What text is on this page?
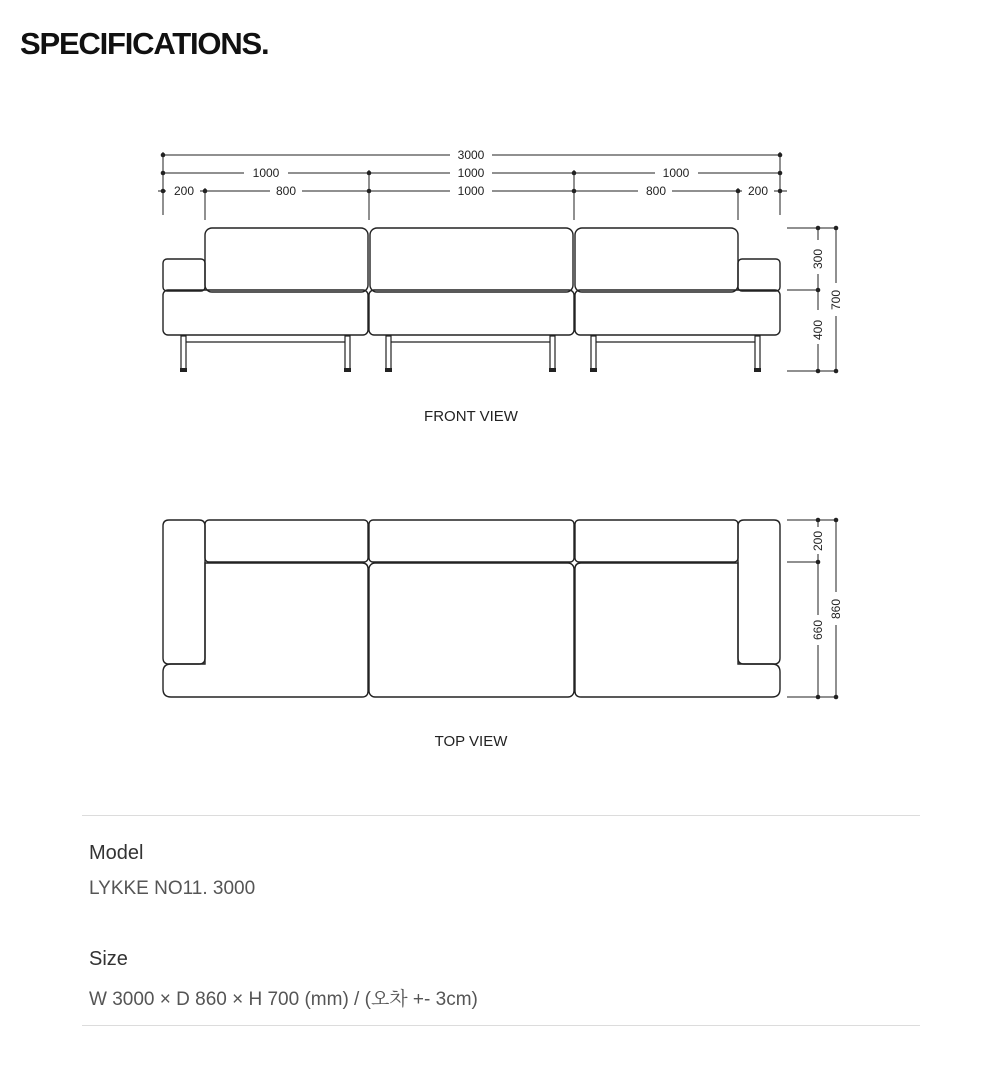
SPECIFICATIONS.
3000
1000	1000	1000
200	800	1000	800	200
300
400
700
FRONT VIEW
200
660
860
TOP VIEW
Model
LYKKE NO11. 3000
Size
W 3000 × D 860 × H 700 (mm) / (오차 +- 3cm)
